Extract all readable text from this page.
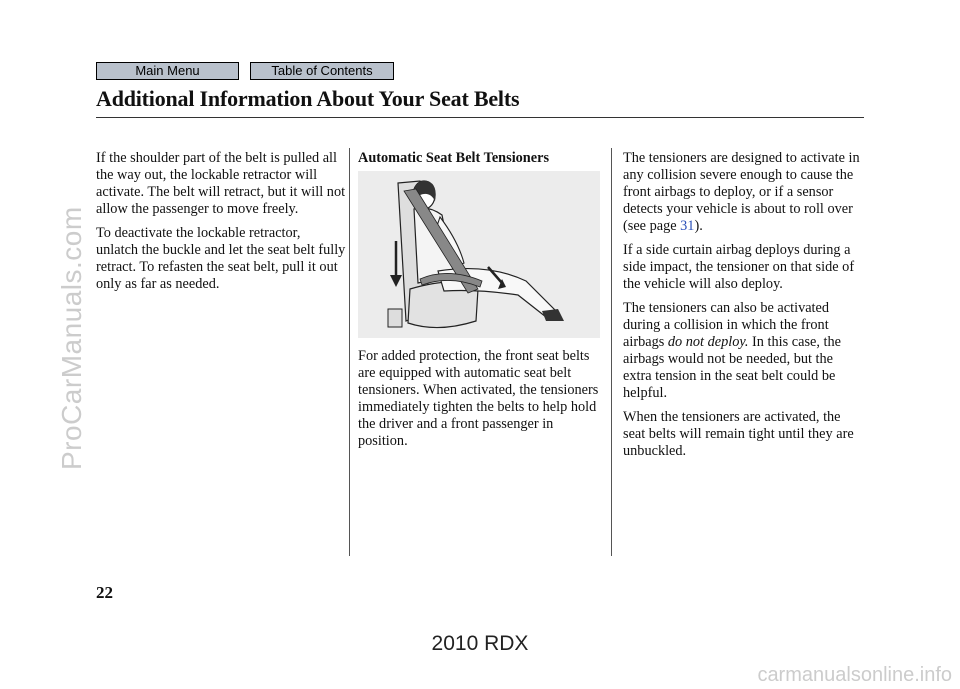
Main Menu	Table of Contents
Additional Information About Your Seat Belts

If the shoulder part of the belt is pulled all the way out, the lockable retractor will activate. The belt will retract, but it will not allow the passenger to move freely.

To deactivate the lockable retractor, unlatch the buckle and let the seat belt fully retract. To refasten the seat belt, pull it out only as far as needed.

Automatic Seat Belt Tensioners

For added protection, the front seat belts are equipped with automatic seat belt tensioners. When activated, the tensioners immediately tighten the belts to help hold the driver and a front passenger in position.

The tensioners are designed to activate in any collision severe enough to cause the front airbags to deploy, or if a sensor detects your vehicle is about to roll over (see page 31).

If a side curtain airbag deploys during a side impact, the tensioner on that side of the vehicle will also deploy.

The tensioners can also be activated during a collision in which the front airbags do not deploy. In this case, the airbags would not be needed, but the extra tension in the seat belt could be helpful.

When the tensioners are activated, the seat belts will remain tight until they are unbuckled.

22
2010 RDX
ProCarManuals.com
carmanualsonline.info
